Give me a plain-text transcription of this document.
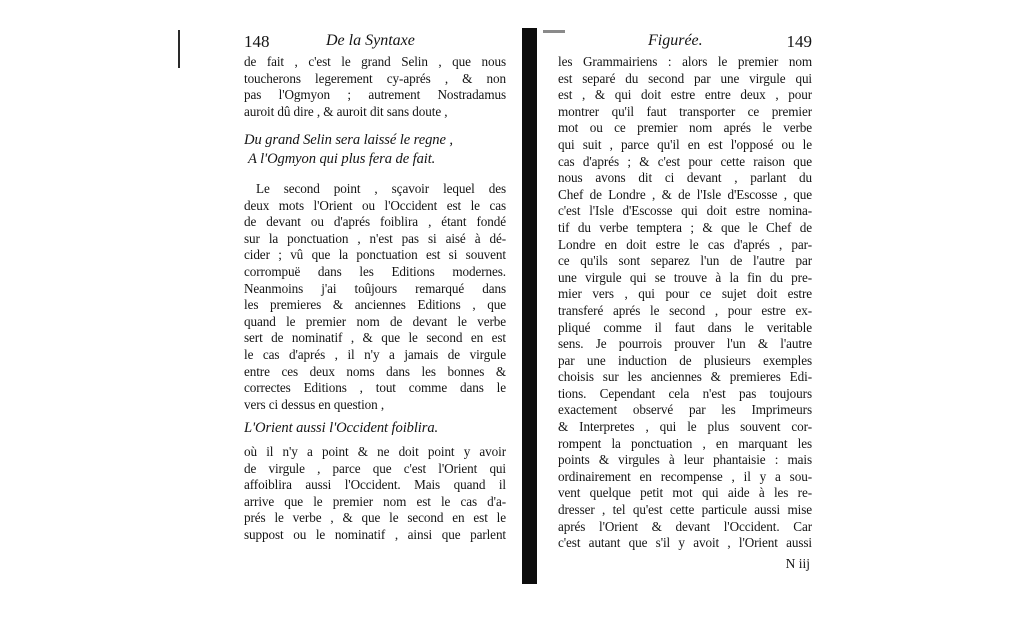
148	De la Syntaxe
de fait , c'est le grand Selin , que nous
toucherons legerement cy-aprés , & non
pas l'Ogmyon ; autrement Nostradamus
auroit dû dire , & auroit dit sans doute ,
Du grand Selin sera laissé le regne ,
A l'Ogmyon qui plus fera de fait.
Le second point , sçavoir lequel des
deux mots l'Orient ou l'Occident est le cas
de devant ou d'aprés foiblira , étant fondé
sur la ponctuation , n'est pas si aisé à dé-
cider ; vû que la ponctuation est si souvent
corrompuë dans les Editions modernes.
Neanmoins j'ai toûjours remarqué dans
les premieres & anciennes Editions , que
quand le premier nom de devant le verbe
sert de nominatif , & que le second en est
le cas d'aprés , il n'y a jamais de virgule
entre ces deux noms dans les bonnes &
correctes Editions , tout comme dans le
vers ci dessus en question ,
L'Orient aussi l'Occident foiblira.
où il n'y a point & ne doit point y avoir
de virgule , parce que c'est l'Orient qui
affoiblira aussi l'Occident. Mais quand il
arrive que le premier nom est le cas d'a-
prés le verbe , & que le second en est le
suppost ou le nominatif , ainsi que parlent
Figurée.	149
les Grammairiens : alors le premier nom
est separé du second par une virgule qui
est , & qui doit estre entre deux , pour
montrer qu'il faut transporter ce premier
mot ou ce premier nom aprés le verbe
qui suit , parce qu'il en est l'opposé ou le
cas d'aprés ; & c'est pour cette raison que
nous avons dit ci devant , parlant du
Chef de Londre , & de l'Isle d'Escosse , que
c'est l'Isle d'Escosse qui doit estre nomina-
tif du verbe temptera ; & que le Chef de
Londre en doit estre le cas d'aprés , par-
ce qu'ils sont separez l'un de l'autre par
une virgule qui se trouve à la fin du pre-
mier vers , qui pour ce sujet doit estre
transferé aprés le second , pour estre ex-
pliqué comme il faut dans le veritable
sens. Je pourrois prouver l'un & l'autre
par une induction de plusieurs exemples
choisis sur les anciennes & premieres Edi-
tions. Cependant cela n'est pas toujours
exactement observé par les Imprimeurs
& Interpretes , qui le plus souvent cor-
rompent la ponctuation , en marquant les
points & virgules à leur phantaisie : mais
ordinairement en recompense , il y a sou-
vent quelque petit mot qui aide à les re-
dresser , tel qu'est cette particule aussi mise
aprés l'Orient & devant l'Occident. Car
c'est autant que s'il y avoit , l'Orient aussi
N iij
